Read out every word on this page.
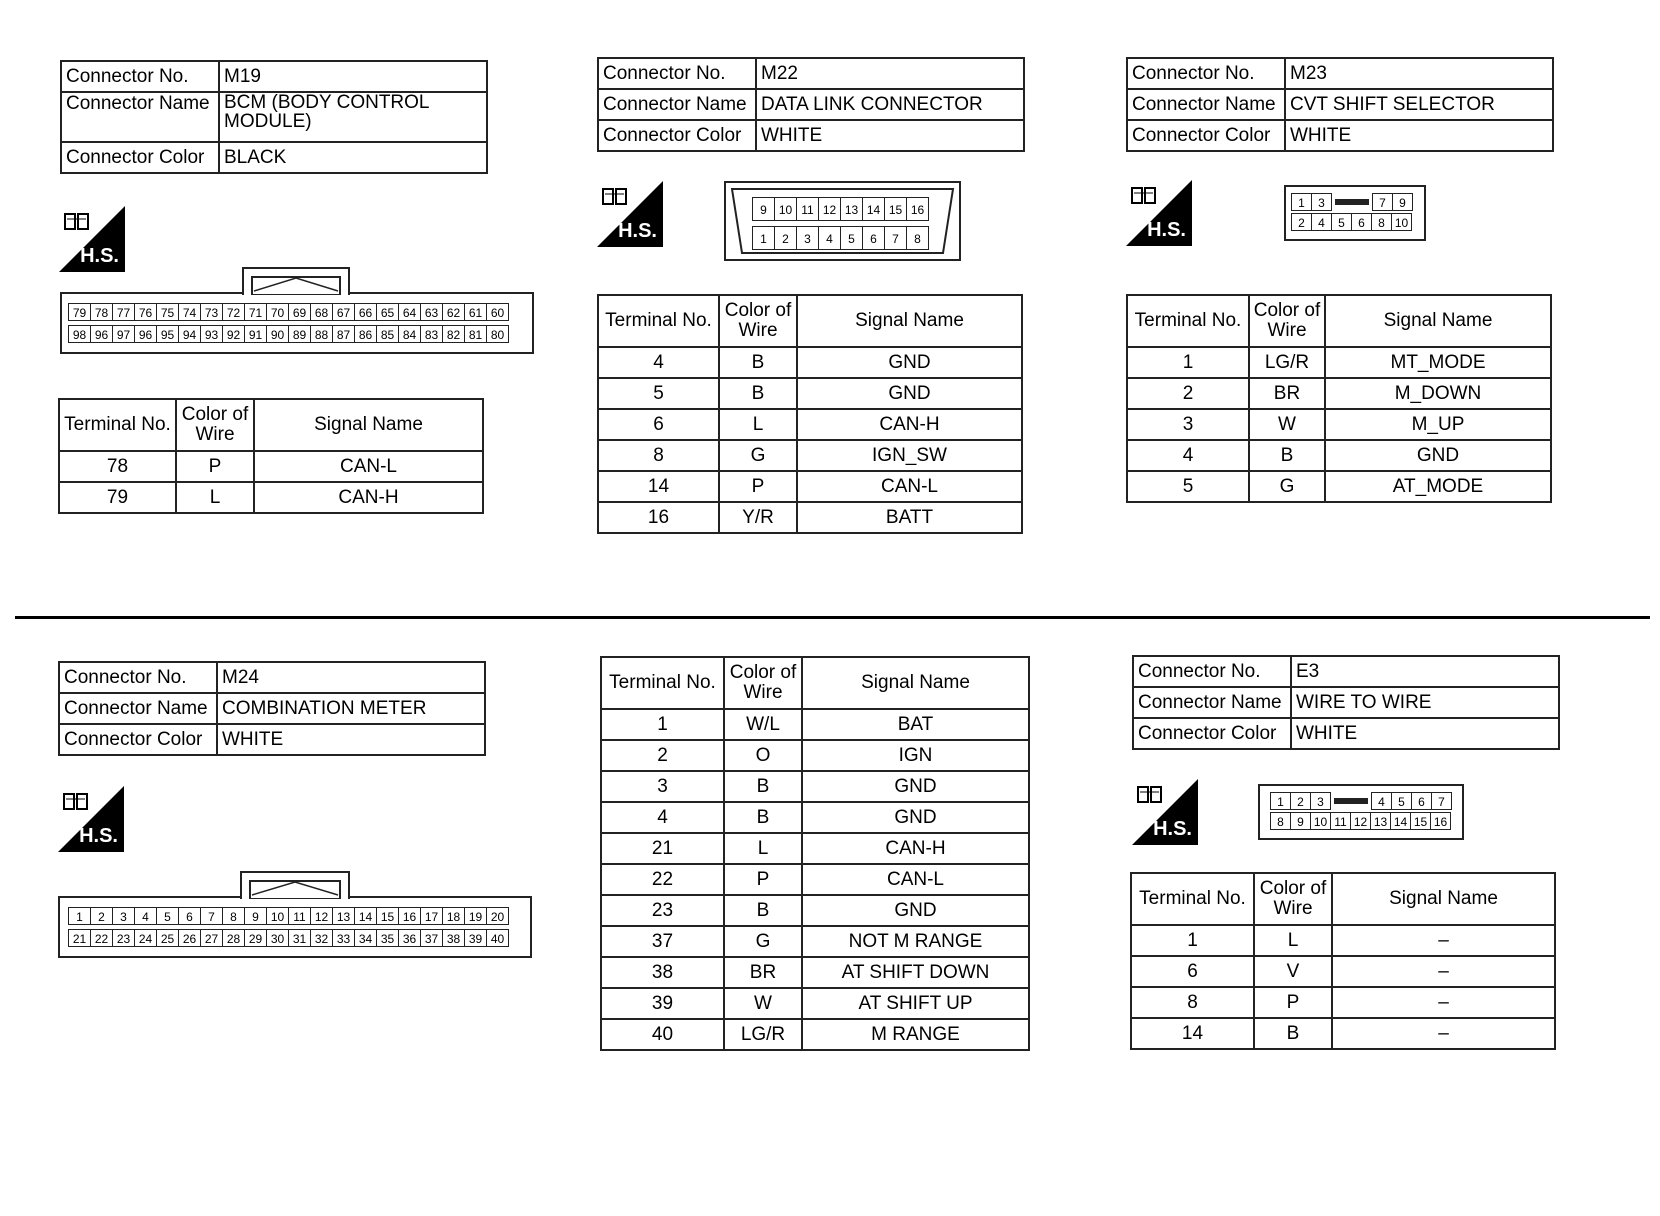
Connector No.	M19
Connector Name	BCM (BODY CONTROL MODULE)
Connector Color	BLACK
H.S.
79 78 77 76 75 74 73 72 71 70 69 68 67 66 65 64 63 62 61 60
98 96 97 96 95 94 93 92 91 90 89 88 87 86 85 84 83 82 81 80
Terminal No.	Color of Wire	Signal Name
78	P	CAN-L
79	L	CAN-H
Connector No.	M22
Connector Name	DATA LINK CONNECTOR
Connector Color	WHITE
H.S.
9 10 11 12 13 14 15 16
1	2	3	4	5	6	7	8
Terminal No.	Color of Wire	Signal Name
4	B	GND
5	B	GND
6	L	CAN-H
8	G	IGN_SW
14	P	CAN-L
16	Y/R	BATT
Connector No.	M23
Connector Name	CVT SHIFT SELECTOR
Connector Color	WHITE
H.S.
1	3	7	9
2	4	5	6	8 10
Terminal No.	Color of Wire	Signal Name
1	LG/R	MT_MODE
2	BR	M_DOWN
3	W	M_UP
4	B	GND
5	G	AT_MODE
Connector No.	M24
Connector Name	COMBINATION METER
Connector Color	WHITE
H.S.
1	2	3	4	5	6	7	8	9 10 11 12 13 14 15 16 17 18 19 20
21 22 23 24 25 26 27 28 29 30 31 32 33 34 35 36 37 38 39 40
Terminal No.	Color of Wire	Signal Name
1	W/L	BAT
2	O	IGN
3	B	GND
4	B	GND
21	L	CAN-H
22	P	CAN-L
23	B	GND
37	G	NOT M RANGE
38	BR	AT SHIFT DOWN
39	W	AT SHIFT UP
40	LG/R	M RANGE
Connector No.	E3
Connector Name	WIRE TO WIRE
Connector Color	WHITE
H.S.
1	2	3	4	5	6	7
8	9 10 11 12 13 14 15 16
Terminal No.	Color of Wire	Signal Name
1	L	–
6	V	–
8	P	–
14	B	–
